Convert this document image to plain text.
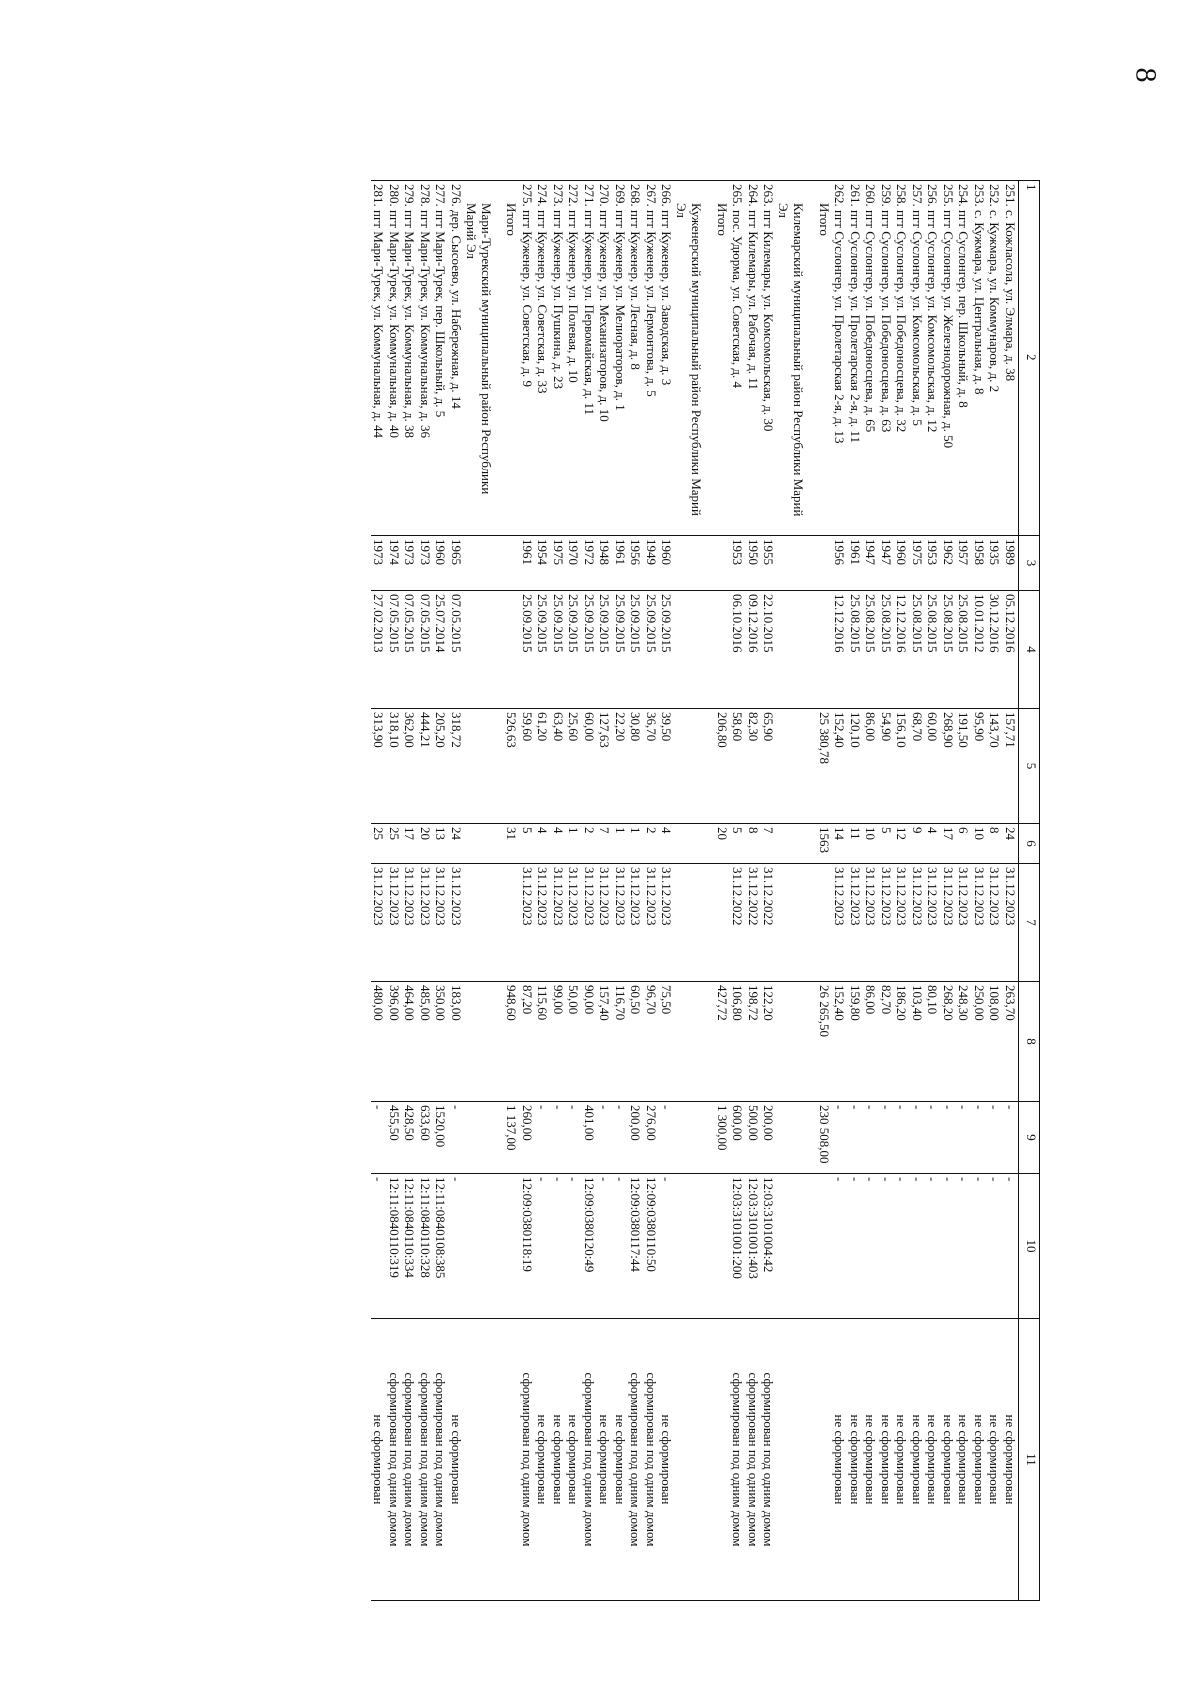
8
1 2	3	4	5	6	7	8	9	10	11
251. с. Кожласола, ул. Элмара, д. 38	1989	05.12.2016	157,71	24	31.12.2023	263,70	-	-	не сформирован
252. с. Кужмара, ул. Коммунаров, д. 2	1935	30.12.2016	143,70	8	31.12.2023	108,00	-	-	не сформирован
253. с. Кужмара, ул. Центральная, д. 8	1958	10.01.2012	95,90	10	31.12.2023	250,00	-	-	не сформирован
254. пгт Суслонгер, пер. Школьный, д. 8	1957	25.08.2015	191,50	6	31.12.2023	248,30	-	-	не сформирован
255. пгт Суслонгер, ул. Железнодорожная, д. 50	1962	25.08.2015	268,90	17	31.12.2023	268,20	-	-	не сформирован
256. пгт Суслонгер, ул. Комсомольская, д. 12	1953	25.08.2015	60,00	4	31.12.2023	80,10	-	-	не сформирован
257. пгт Суслонгер, ул. Комсомольская, д. 5	1975	25.08.2015	68,70	9	31.12.2023	103,40	-	-	не сформирован
258. пгт Суслонгер, ул. Победоносцева, д. 32	1960	12.12.2016	156,10	12	31.12.2023	186,20	-	-	не сформирован
259. пгт Суслонгер, ул. Победоносцева, д. 63	1947	25.08.2015	54,90	5	31.12.2023	82,70	-	-	не сформирован
260. пгт Суслонгер, ул. Победоносцева, д. 65	1947	25.08.2015	86,00	10	31.12.2023	86,00	-	-	не сформирован
261. пгт Суслонгер, ул. Пролетарская 2-я, д. 11	1961	25.08.2015	120,10	11	31.12.2023	159,80	-	-	не сформирован
262. пгт Суслонгер, ул. Пролетарская 2-я, д. 13	1956	12.12.2016	152,40	14	31.12.2023	152,40	-	-	не сформирован
Итого			25 380,78	1563		26 265,50	230 508,00		

Килемарский муниципальный район Республики Марий Эл									
263. пгт Килемары, ул. Комсомольская, д. 30	1955	22.10.2015	65,90	7	31.12.2022	122,20	200,00	12:03:3101004:42	сформирован под одним домом
264. пгт Килемары, ул. Рабочая, д. 11	1950	09.12.2016	82,30	8	31.12.2022	198,72	500,00	12:03:3101001:403	сформирован под одним домом
265. пос. Удюрма, ул. Советская, д. 4	1953	06.10.2016	58,60	5	31.12.2022	106,80	600,00	12:03:3101001:200	сформирован под одним домом
Итого			206,80	20		427,72	1 300,00		

Куженерский муниципальный район Республики Марий Эл									
266. пгт Куженер, ул. Заводская, д. 3	1960	25.09.2015	39,50	4	31.12.2023	75,50	-	-	не сформирован
267. пгт Куженер, ул. Лермонтова, д. 5	1949	25.09.2015	36,70	2	31.12.2023	96,70	276,00	12:09:0380110:50	сформирован под одним домом
268. пгт Куженер, ул. Лесная, д. 8	1956	25.09.2015	30,80	1	31.12.2023	60,50	200,00	12:09:0380117:44	сформирован под одним домом
269. пгт Куженер, ул. Мелиораторов, д. 1	1961	25.09.2015	22,20	1	31.12.2023	116,70	-	-	не сформирован
270. пгт Куженер, ул. Механизаторов, д. 10	1948	25.09.2015	127,63	7	31.12.2023	157,40	-	-	не сформирован
271. пгт Куженер, ул. Первомайская, д. 11	1972	25.09.2015	60,00	2	31.12.2023	90,00	401,00	12:09:0380120:49	сформирован под одним домом
272. пгт Куженер, ул. Полевая, д. 10	1970	25.09.2015	25,60	1	31.12.2023	50,00	-	-	не сформирован
273. пгт Куженер, ул. Пушкина, д. 23	1975	25.09.2015	63,40	4	31.12.2023	99,00	-	-	не сформирован
274. пгт Куженер, ул. Советская, д. 33	1954	25.09.2015	61,20	4	31.12.2023	115,60	-	-	не сформирован
275. пгт Куженер, ул. Советская, д. 9	1961	25.09.2015	59,60	5	31.12.2023	87,20	260,00	12:09:0380118:19	сформирован под одним домом
Итого			526,63	31		948,60	1 137,00		

Мари-Турекский муниципальный район Республики Марий Эл									
276. дер. Сысоево, ул. Набережная, д. 14	1965	07.05.2015	318,72	24	31.12.2023	183,00	-	-	не сформирован
277. пгт Мари-Турек, пер. Школьный, д. 5	1960	25.07.2014	205,20	13	31.12.2023	350,00	1520,00	12:11:0840108:385	сформирован под одним домом
278. пгт Мари-Турек, ул. Коммунальная, д. 36	1973	07.05.2015	444,21	20	31.12.2023	485,00	633,60	12:11:0840110:328	сформирован под одним домом
279. пгт Мари-Турек, ул. Коммунальная, д. 38	1973	07.05.2015	362,00	17	31.12.2023	464,00	428,50	12:11:0840110:334	сформирован под одним домом
280. пгт Мари-Турек, ул. Коммунальная, д. 40	1974	07.05.2015	318,10	25	31.12.2023	396,00	455,50	12:11:0840110:319	сформирован под одним домом
281. пгт Мари-Турек, ул. Коммунальная, д. 44	1973	27.02.2013	313,90	25	31.12.2023	480,00	-	-	не сформирован
